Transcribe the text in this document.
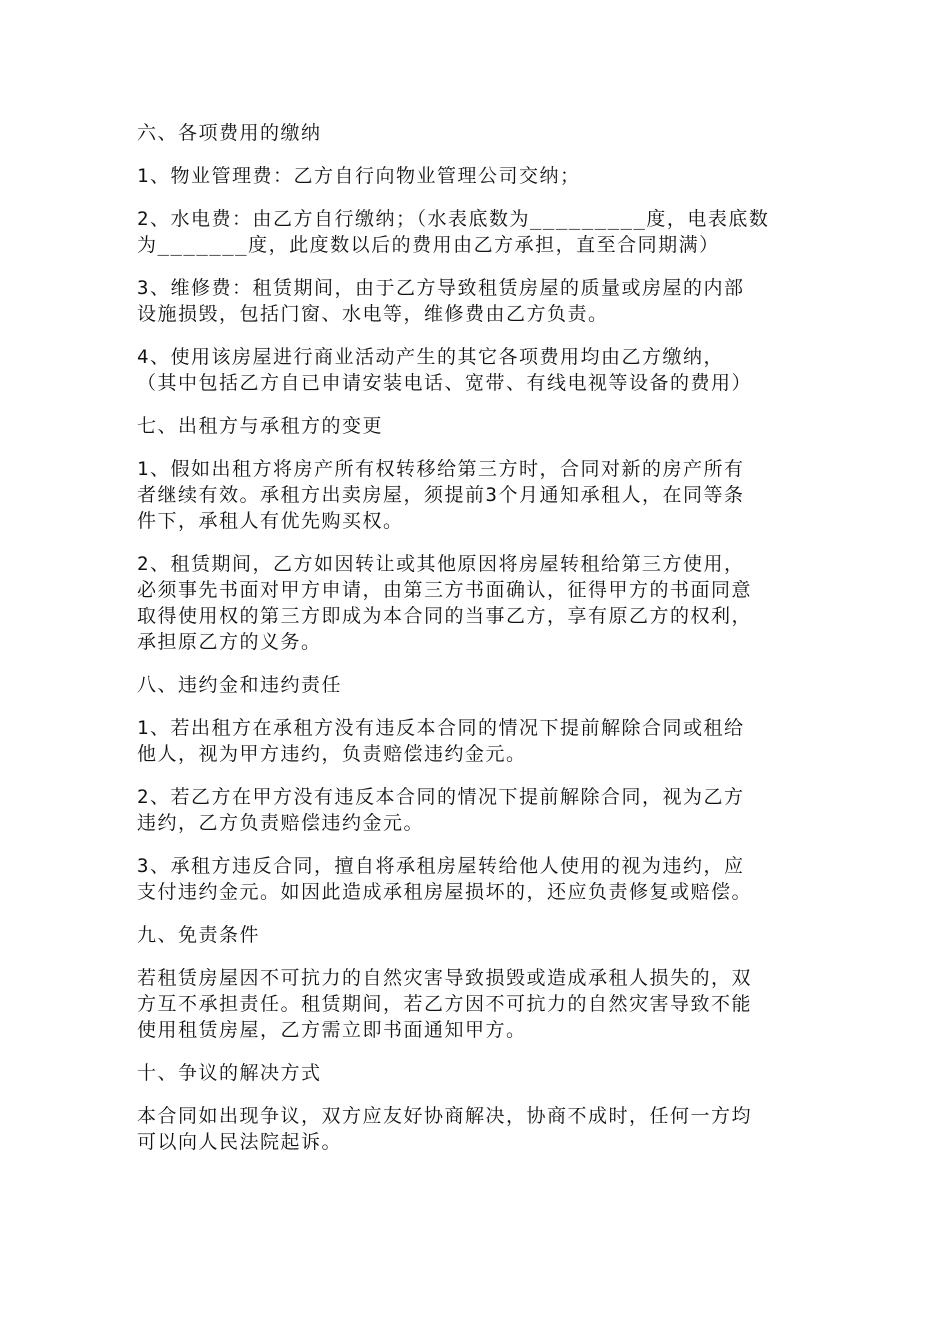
六、各项费用的缴纳
1、物业管理费：乙方自行向物业管理公司交纳；
2、水电费：由乙方自行缴纳；（水表底数为_________度，电表底数
为_______度，此度数以后的费用由乙方承担，直至合同期满）
3、维修费：租赁期间，由于乙方导致租赁房屋的质量或房屋的内部
设施损毁，包括门窗、水电等，维修费由乙方负责。
4、使用该房屋进行商业活动产生的其它各项费用均由乙方缴纳，
（其中包括乙方自已申请安装电话、宽带、有线电视等设备的费用）
七、出租方与承租方的变更
1、假如出租方将房产所有权转移给第三方时，合同对新的房产所有
者继续有效。承租方出卖房屋，须提前3个月通知承租人，在同等条
件下，承租人有优先购买权。
2、租赁期间，乙方如因转让或其他原因将房屋转租给第三方使用，
必须事先书面对甲方申请，由第三方书面确认，征得甲方的书面同意
取得使用权的第三方即成为本合同的当事乙方，享有原乙方的权利，
承担原乙方的义务。
八、违约金和违约责任
1、若出租方在承租方没有违反本合同的情况下提前解除合同或租给
他人，视为甲方违约，负责赔偿违约金元。
2、若乙方在甲方没有违反本合同的情况下提前解除合同，视为乙方
违约，乙方负责赔偿违约金元。
3、承租方违反合同，擅自将承租房屋转给他人使用的视为违约，应
支付违约金元。如因此造成承租房屋损坏的，还应负责修复或赔偿。
九、免责条件
若租赁房屋因不可抗力的自然灾害导致损毁或造成承租人损失的，双
方互不承担责任。租赁期间，若乙方因不可抗力的自然灾害导致不能
使用租赁房屋，乙方需立即书面通知甲方。
十、争议的解决方式
本合同如出现争议，双方应友好协商解决，协商不成时，任何一方均
可以向人民法院起诉。
